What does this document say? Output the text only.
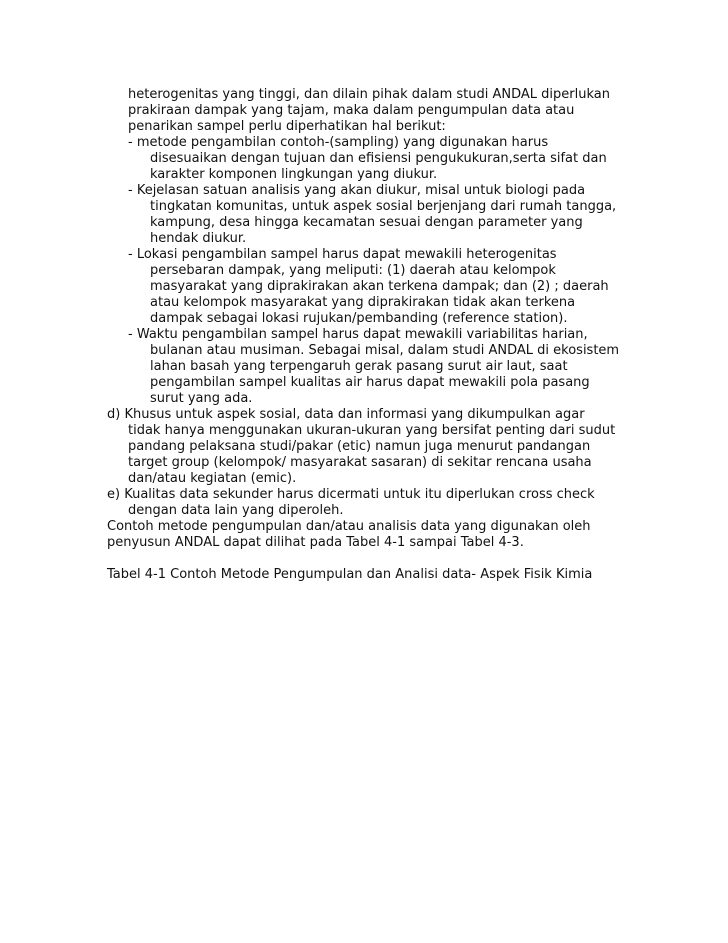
heterogenitas yang tinggi, dan dilain pihak dalam studi ANDAL diperlukan
prakiraan dampak yang tajam, maka dalam pengumpulan data atau
penarikan sampel perlu diperhatikan hal berikut:
- metode pengambilan contoh-(sampling) yang digunakan harus
disesuaikan dengan tujuan dan efisiensi pengukukuran,serta sifat dan
karakter komponen lingkungan yang diukur.
- Kejelasan satuan analisis yang akan diukur, misal untuk biologi pada
tingkatan komunitas, untuk aspek sosial berjenjang dari rumah tangga,
kampung, desa hingga kecamatan sesuai dengan parameter yang
hendak diukur.
- Lokasi pengambilan sampel harus dapat mewakili heterogenitas
persebaran dampak, yang meliputi: (1) daerah atau kelompok
masyarakat yang diprakirakan akan terkena dampak; dan (2) ; daerah
atau kelompok masyarakat yang diprakirakan tidak akan terkena
dampak sebagai lokasi rujukan/pembanding (reference station).
- Waktu pengambilan sampel harus dapat mewakili variabilitas harian,
bulanan atau musiman. Sebagai misal, dalam studi ANDAL di ekosistem
lahan basah yang terpengaruh gerak pasang surut air laut, saat
pengambilan sampel kualitas air harus dapat mewakili pola pasang
surut yang ada.
d) Khusus untuk aspek sosial, data dan informasi yang dikumpulkan agar
tidak hanya menggunakan ukuran-ukuran yang bersifat penting dari sudut
pandang pelaksana studi/pakar (etic) namun juga menurut pandangan
target group (kelompok/ masyarakat sasaran) di sekitar rencana usaha
dan/atau kegiatan (emic).
e) Kualitas data sekunder harus dicermati untuk itu diperlukan cross check
dengan data lain yang diperoleh.
Contoh metode pengumpulan dan/atau analisis data yang digunakan oleh
penyusun ANDAL dapat dilihat pada Tabel 4-1 sampai Tabel 4-3.
Tabel 4-1 Contoh Metode Pengumpulan dan Analisi data- Aspek Fisik Kimia
